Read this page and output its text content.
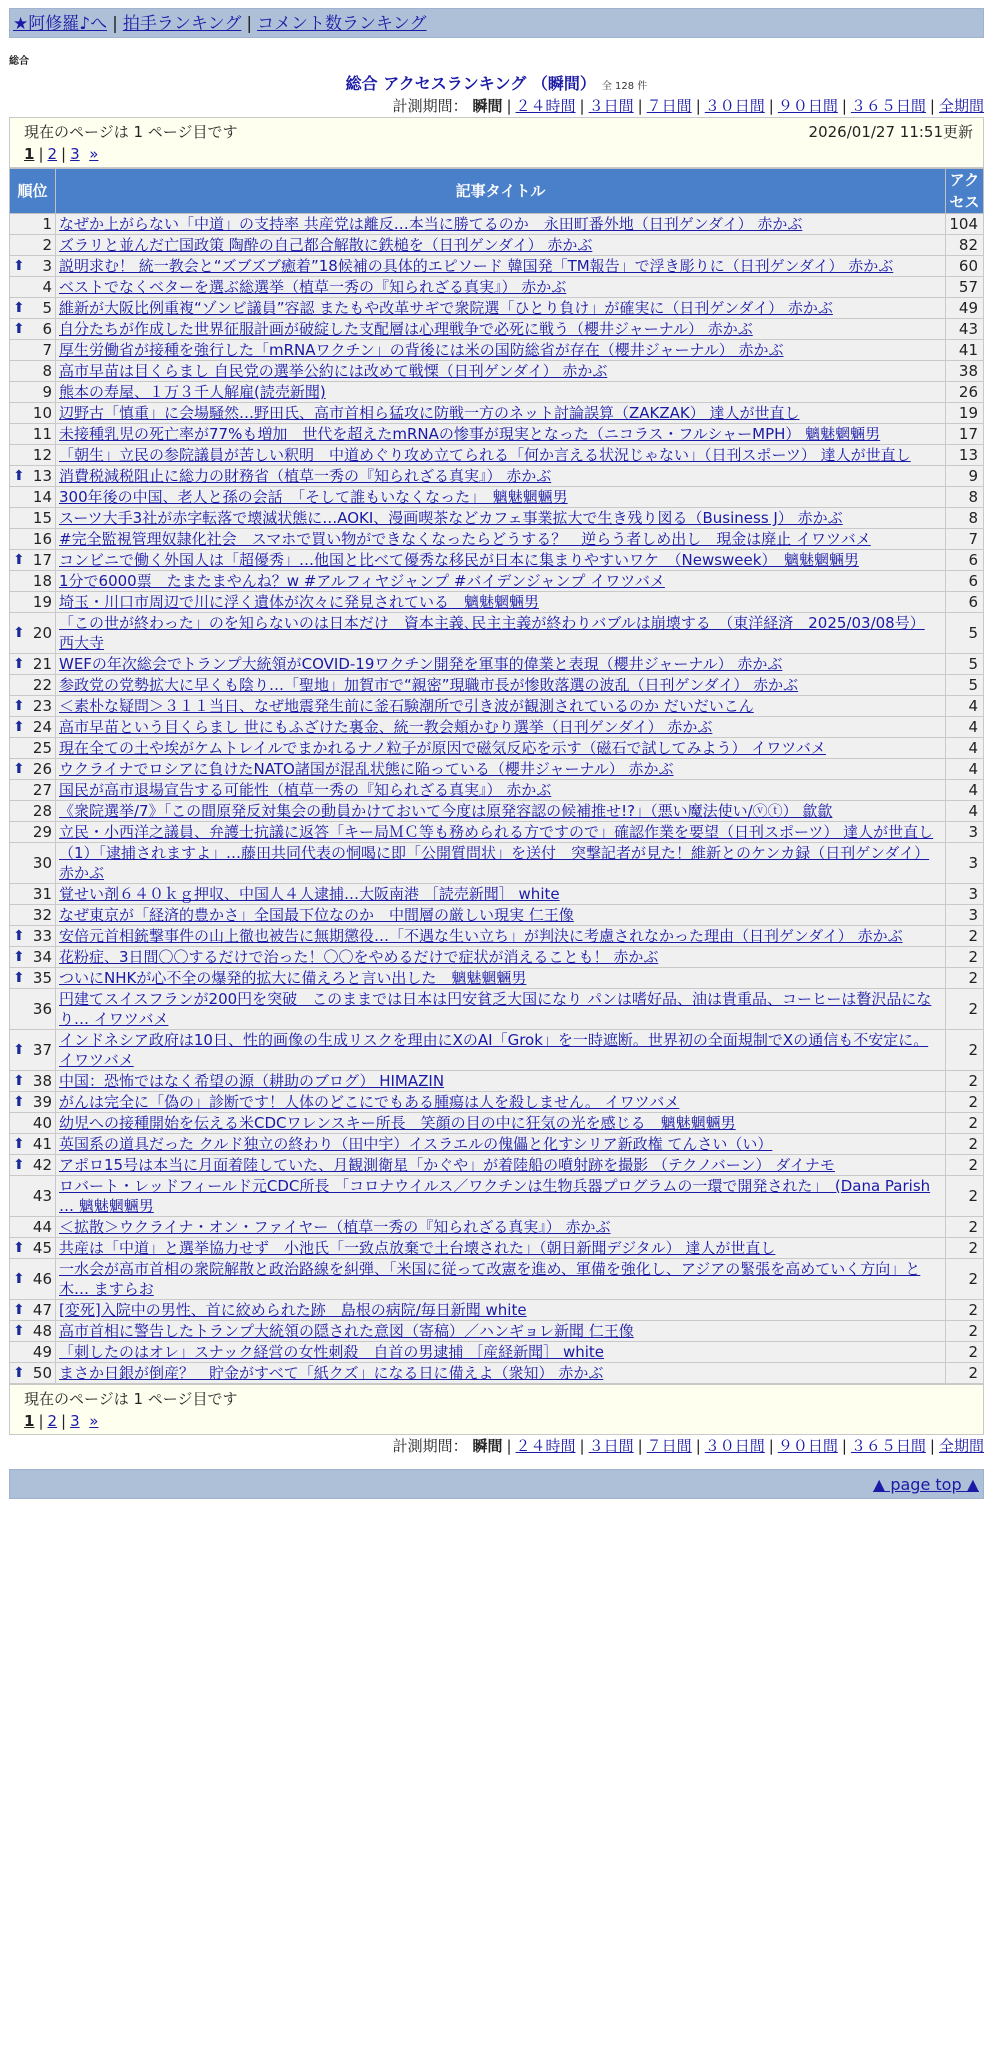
★阿修羅♪へ | 拍手ランキング | コメント数ランキング
総合
総合 アクセスランキング （瞬間） 全 128 件
計測期間： 瞬間 | ２４時間 | ３日間 | ７日間 | ３０日間 | ９０日間 | ３６５日間 | 全期間
現在のページは 1 ページ目です	2026/01/27 11:51更新
1 | 2 | 3 »
順位	記事タイトル	アクセス
1	なぜか上がらない「中道」の支持率 共産党は離反…本当に勝てるのか　永田町番外地（日刊ゲンダイ） 赤かぶ	104
2	ズラリと並んだ亡国政策 陶酔の自己都合解散に鉄槌を（日刊ゲンダイ） 赤かぶ	82

⬆ 3	説明求む！ 統一教会と“ズブズブ癒着”18候補の具体的エピソード 韓国発「TM報告」で浮き彫りに（日刊ゲンダイ） 赤かぶ	60
4	ベストでなくベターを選ぶ総選挙（植草一秀の『知られざる真実』） 赤かぶ	57

⬆ 5	維新が大阪比例重複“ゾンビ議員”容認 またもや改革サギで衆院選「ひとり負け」が確実に（日刊ゲンダイ） 赤かぶ	49

⬆ 6	自分たちが作成した世界征服計画が破綻した支配層は心理戦争で必死に戦う（櫻井ジャーナル） 赤かぶ	43
7	厚生労働省が接種を強行した「mRNAワクチン」の背後には米の国防総省が存在（櫻井ジャーナル） 赤かぶ	41
8	高市早苗は目くらまし 自民党の選挙公約には改めて戦慄（日刊ゲンダイ） 赤かぶ	38
9	熊本の寿屋、１万３千人解雇(読売新聞)	26
10	辺野古「慎重」に会場騒然…野田氏、高市首相ら猛攻に防戦一方のネット討論誤算（ZAKZAK） 達人が世直し	19
11	未接種乳児の死亡率が77%も増加　世代を超えたmRNAの惨事が現実となった（ニコラス・フルシャーMPH） 魑魅魍魎男	17
12	「朝生」立民の参院議員が苦しい釈明　中道めぐり攻め立てられる「何か言える状況じゃない」（日刊スポーツ） 達人が世直し	13

⬆ 13	消費税減税阻止に総力の財務省（植草一秀の『知られざる真実』） 赤かぶ	9
14	300年後の中国、老人と孫の会話　「そして誰もいなくなった」　魑魅魍魎男	8
15	スーツ大手3社が赤字転落で壊滅状態に…AOKI、漫画喫茶などカフェ事業拡大で生き残り図る（Business J） 赤かぶ	8
16	#完全監視管理奴隷化社会　スマホで買い物ができなくなったらどうする？　逆らう者しめ出し　現金は廃止 イワツバメ	7

⬆ 17	コンビニで働く外国人は「超優秀」…他国と比べて優秀な移民が日本に集まりやすいワケ　（Newsweek）　魑魅魍魎男	6
18	1分で6000票　たまたまやんね？w #アルフィヤジャンプ #バイデンジャンプ イワツバメ	6
19	埼玉・川口市周辺で川に浮く遺体が次々に発見されている　魑魅魍魎男	6

⬆ 20	「この世が終わった」のを知らないのは日本だけ　資本主義､民主主義が終わりバブルは崩壊する　（東洋経済　2025/03/08号） 西大寺	5

⬆ 21	WEFの年次総会でトランプ大統領がCOVID-19ワクチン開発を軍事的偉業と表現（櫻井ジャーナル） 赤かぶ	5
22	参政党の党勢拡大に早くも陰り…「聖地」加賀市で“親密”現職市長が惨敗落選の波乱（日刊ゲンダイ） 赤かぶ	5

⬆ 23	＜素朴な疑問＞３１１当日、なぜ地震発生前に釜石験潮所で引き波が観測されているのか だいだいこん	4

⬆ 24	高市早苗という目くらまし 世にもふざけた裏金、統一教会頬かむり選挙（日刊ゲンダイ） 赤かぶ	4
25	現在全ての土や埃がケムトレイルでまかれるナノ粒子が原因で磁気反応を示す（磁石で試してみよう） イワツバメ	4

⬆ 26	ウクライナでロシアに負けたNATO諸国が混乱状態に陥っている（櫻井ジャーナル） 赤かぶ	4
27	国民が高市退場宣告する可能性（植草一秀の『知られざる真実』） 赤かぶ	4
28	《衆院選挙/7》「この間原発反対集会の動員かけておいて今度は原発容認の候補推せ!?」（悪い魔法使い/ⓥⓣ） 歙歙	4
29	立民・小西洋之議員、弁護士抗議に返答「キー局ＭＣ等も務められる方ですので」確認作業を要望（日刊スポーツ） 達人が世直し	3
30	（1）「逮捕されますよ」…藤田共同代表の恫喝に即「公開質問状」を送付　突撃記者が見た！維新とのケンカ録（日刊ゲンダイ） 赤かぶ	3
31	覚せい剤６４０ｋｇ押収、中国人４人逮捕…大阪南港 ［読売新聞］ white	3
32	なぜ東京が「経済的豊かさ」全国最下位なのか　中間層の厳しい現実 仁王像	3

⬆ 33	安倍元首相銃撃事件の山上徹也被告に無期懲役…「不遇な生い立ち」が判決に考慮されなかった理由（日刊ゲンダイ） 赤かぶ	2

⬆ 34	花粉症、3日間〇〇するだけで治った！〇〇をやめるだけで症状が消えることも！ 赤かぶ	2

⬆ 35	ついにNHKが心不全の爆発的拡大に備えろと言い出した　魑魅魍魎男	2
36	円建てスイスフランが200円を突破　このままでは日本は円安貧乏大国になり パンは嗜好品、油は貴重品、コーヒーは贅沢品になり… イワツバメ	2

⬆ 37	インドネシア政府は10日、性的画像の生成リスクを理由にXのAI「Grok」を一時遮断。世界初の全面規制でXの通信も不安定に。 イワツバメ	2

⬆ 38	中国：恐怖ではなく希望の源（耕助のブログ） HIMAZIN	2

⬆ 39	がんは完全に「偽の」診断です！人体のどこにでもある腫瘍は人を殺しません。 イワツバメ	2
40	幼児への接種開始を伝える米CDCワレンスキー所長　笑顔の目の中に狂気の光を感じる　魑魅魍魎男	2

⬆ 41	英国系の道具だった クルド独立の終わり（田中宇）イスラエルの傀儡と化すシリア新政権 てんさい（い）	2

⬆ 42	アポロ15号は本当に月面着陸していた、月観測衛星「かぐや」が着陸船の噴射跡を撮影 （テクノバーン） ダイナモ	2
43	ロバート・レッドフィールド元CDC所長 「コロナウイルス／ワクチンは生物兵器プログラムの一環で開発された」　(Dana Parish … 魑魅魍魎男	2
44	＜拡散＞ウクライナ・オン・ファイヤー（植草一秀の『知られざる真実』） 赤かぶ	2

⬆ 45	共産は「中道」と選挙協力せず　小池氏「一致点放棄で土台壊された」（朝日新聞デジタル） 達人が世直し	2

⬆ 46	一水会が高市首相の衆院解散と政治路線を糾弾、「米国に従って改憲を進め、軍備を強化し、アジアの緊張を高めていく方向」と木… ますらお	2

⬆ 47	[変死]入院中の男性、首に絞められた跡　島根の病院/毎日新聞 white	2

⬆ 48	高市首相に警告したトランプ大統領の隠された意図（寄稿）／ハンギョレ新聞 仁王像	2
49	「刺したのはオレ」スナック経営の女性刺殺　自首の男逮捕 ［産経新聞］ white	2

⬆ 50	まさか日銀が倒産？　貯金がすべて「紙クズ」になる日に備えよ（衆知） 赤かぶ	2
現在のページは 1 ページ目です
1 | 2 | 3 »
計測期間： 瞬間 | ２４時間 | ３日間 | ７日間 | ３０日間 | ９０日間 | ３６５日間 | 全期間
▲ page top ▲
